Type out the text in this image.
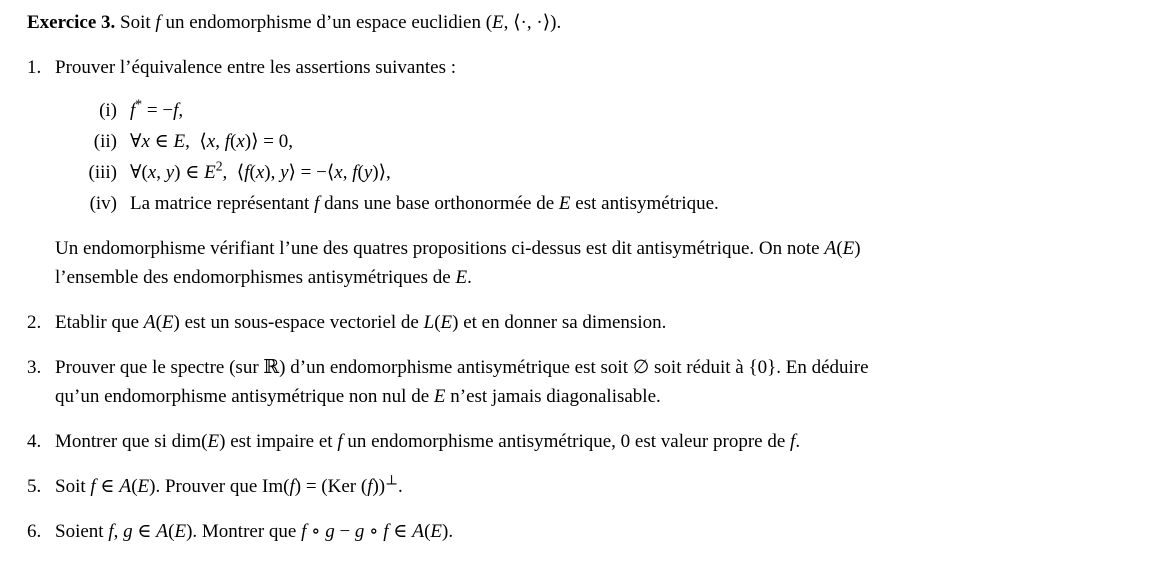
Exercice 3. Soit f un endomorphisme d’un espace euclidien (E, ⟨·, ·⟩).

1. Prouver l’équivalence entre les assertions suivantes :
(i) f* = −f,
(ii) ∀x ∈ E, ⟨x, f(x)⟩ = 0,
(iii) ∀(x, y) ∈ $E^2$, ⟨f(x), y⟩ = −⟨x, f(y)⟩,
(iv) La matrice représentant f dans une base orthonormée de E est antisymétrique.
Un endomorphisme vérifiant l’une des quatres propositions ci-dessus est dit antisymétrique. On note A(E)
l’ensemble des endomorphismes antisymétriques de E.
2. Etablir que A(E) est un sous-espace vectoriel de L(E) et en donner sa dimension.
3. Prouver que le spectre (sur ℝ) d’un endomorphisme antisymétrique est soit ∅ soit réduit à {0}. En déduire
qu’un endomorphisme antisymétrique non nul de E n’est jamais diagonalisable.
4. Montrer que si dim(E) est impaire et f un endomorphisme antisymétrique, 0 est valeur propre de f.
5. Soit f ∈ A(E). Prouver que Im(f) = (Ker (f))⊥.
6. Soient f, g ∈ A(E). Montrer que f ∘ g − g ∘ f ∈ A(E).
